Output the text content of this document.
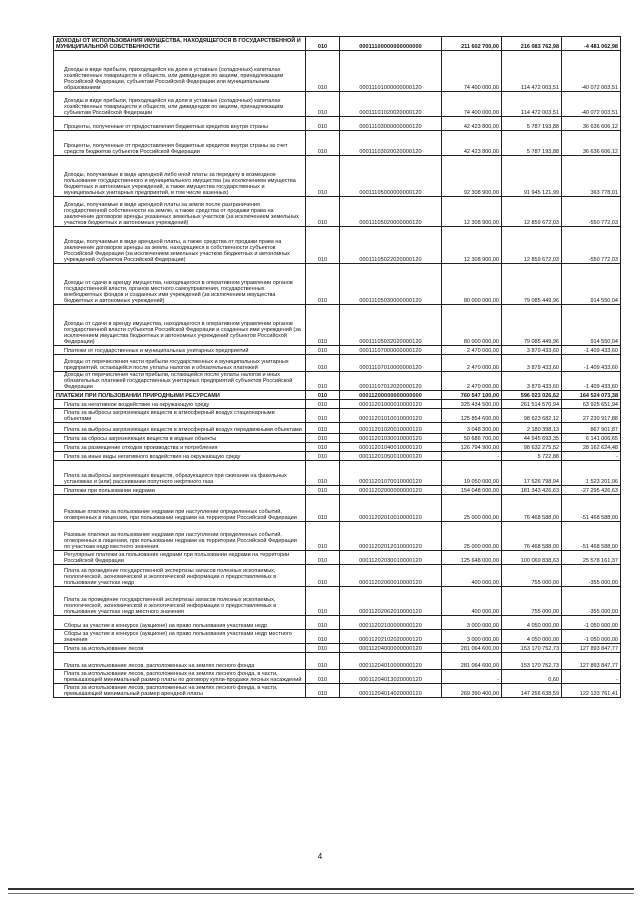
ДОХОДЫ ОТ ИСПОЛЬЗОВАНИЯ ИМУЩЕСТВА, НАХОДЯЩЕГОСЯ В ГОСУДАРСТВЕННОЙ И МУНИЦИПАЛЬНОЙ СОБСТВЕННОСТИ	010	00011100000000000000	211 602 700,00	216 083 762,98	-4 481 062,98
Доходы в виде прибыли, приходящейся на доли в уставных (складочных) капиталах хозяйственных товариществ и обществ, или дивидендов по акциям, принадлежащим Российской Федерации, субъектам Российской Федерации или муниципальным образованиям	010	00011101000000000120	74 400 000,00	114 472 003,51	-40 072 003,51
Доходы в виде прибыли, приходящейся на доли в уставных (складочных) капиталах хозяйственных товариществ и обществ, или дивидендов по акциям, принадлежащим субъектам Российской Федерации	010	00011101020020000120	74 400 000,00	114 472 003,51	-40 072 003,51
Проценты, полученные от предоставления бюджетных кредитов внутри страны	010	00011103000000000120	42 423 800,00	5 787 193,88	36 636 606,12
Проценты, полученные от предоставления бюджетных кредитов внутри страны за счет средств бюджетов субъектов Российской Федерации	010	00011103020020000120	42 423 800,00	5 787 193,88	36 636 606,12
Доходы, получаемые в виде арендной либо иной платы за передачу в возмездное пользование государственного и муниципального имущества (за исключением имущества бюджетных и автономных учреждений, а также имущества государственных и муниципальных унитарных предприятий, в том числе казенных)	010	00011105000000000120	92 308 900,00	91 945 121,99	363 778,01
Доходы, получаемые в виде арендной платы за земли после разграничения государственной собственности на землю, а также средства от продажи права на заключение договоров аренды указанных земельных участков (за исключением земельных участков бюджетных и автономных учреждений)	010	00011105020000000120	12 308 900,00	12 859 672,03	-550 772,03
Доходы, получаемые в виде арендной платы, а также средства от продажи права на заключение договоров аренды за земли, находящиеся в собственности субъектов Российской Федерации (за исключением земельных участков бюджетных и автономных учреждений субъектов Российской Федерации)	010	00011105022020000120	12 308 900,00	12 859 672,03	-550 772,03
Доходы от сдачи в аренду имущества, находящегося в оперативном управлении органов государственной власти, органов местного самоуправления, государственных внебюджетных фондов и созданных ими учреждений (за исключением имущества бюджетных и автономных учреждений)	010	00011105030000000120	80 000 000,00	79 085 449,96	914 550,04
Доходы от сдачи в аренду имущества, находящегося в оперативном управлении органов государственной власти субъектов Российской Федерации и созданных ими учреждений (за исключением имущества бюджетных и автономных учреждений субъектов Российской Федерации)	010	00011105032020000120	80 000 000,00	79 085 449,96	914 550,04
Платежи от государственных и муниципальных унитарных предприятий	010	00011107000000000120	2 470 000,00	3 879 433,60	-1 409 433,60
Доходы от перечисления части прибыли государственных и муниципальных унитарных предприятий, остающейся после уплаты налогов и обязательных платежей	010	00011107010000000120	2 470 000,00	3 879 433,60	-1 409 433,60
Доходы от перечисления части прибыли, остающейся после уплаты налогов и иных обязательных платежей государственных унитарных предприятий субъектов Российской Федерации	010	00011107012020000120	2 470 000,00	3 879 433,60	-1 409 433,60
ПЛАТЕЖИ ПРИ ПОЛЬЗОВАНИИ ПРИРОДНЫМИ РЕСУРСАМИ	010	00011200000000000000	760 547 100,00	596 023 026,62	164 524 073,38
Плата за негативное воздействие на окружающую среду	010	00011201000010000120	325 434 500,00	261 514 570,94	63 925 651,94
Плата за выбросы загрязняющих веществ в атмосферный воздух стационарными объектами	010	00011201010010000120	125 854 600,00	98 623 682,12	27 230 917,88
Плата за выбросы загрязняющих веществ в атмосферный воздух передвижными объектами	010	00011201020010000120	3 048 300,00	2 180 398,13	867 901,87
Плата за сбросы загрязняющих веществ в водные объекты	010	00011201030010000120	50 686 700,00	44 545 693,35	6 141 006,65
Плата за размещение отходов производства и потребления	010	00011201040010000120	126 794 900,00	98 632 275,52	28 162 624,48
Плата за иные виды негативного воздействия на окружающую среду	010	00011201050010000120	-	5 722,88	-
Плата за выбросы загрязняющих веществ, образующихся при сжигании на факельных установках и (или) рассеивании попутного нефтяного газа	010	00011201070010000120	19 050 000,00	17 526 798,94	1 523 201,06
Платежи при пользовании недрами	010	00011202000000000120	154 048 000,00	181 343 426,63	-27 295 426,63
Разовые платежи за пользование недрами при наступлении определенных событий, оговоренных в лицензии, при пользовании недрами на территории Российской Федерации	010	00011202010010000120	25 000 000,00	76 468 588,00	-51 468 588,00
Разовые платежи за пользование недрами при наступлении определенных событий, оговоренных в лицензии, при пользовании недрами на территории Российской Федерации по участкам недр местного значения	010	00011202012010000120	25 000 000,00	76 468 588,00	-51 468 588,00
Регулярные платежи за пользование недрами при пользовании недрами на территории Российской Федерации	010	00011202030010000120	125 648 000,00	100 069 838,63	25 578 161,37
Плата за проведение государственной экспертизы запасов полезных ископаемых, геологической, экономической и экологической информации о предоставляемых в пользование участках недр	010	00011202060010000120	400 000,00	755 000,00	-355 000,00
Плата за проведение государственной экспертизы запасов полезных ископаемых, геологической, экономической и экологической информации о предоставляемых в пользование участках недр местного значения	010	00011202062010000120	400 000,00	755 000,00	-355 000,00
Сборы за участие в конкурсе (аукционе) на право пользования участками недр	010	00011202100000000120	3 000 000,00	4 050 000,00	-1 050 000,00
Сборы за участие в конкурсе (аукционе) на право пользования участками недр местного значения	010	00011202102020000120	3 000 000,00	4 050 000,00	-1 050 000,00
Плата за использование лесов	010	00011204000000000120	281 064 600,00	153 170 752,73	127 893 847,77
Плата за использование лесов, расположенных на землях лесного фонда	010	00011204010000000120	281 064 600,00	153 170 752,73	127 893 847,77
Плата за использование лесов, расположенных на землях лесного фонда, в части, превышающей минимальный размер платы по договору купли-продажи лесных насаждений	010	00011204013020000120	-	0,60	-
Плата за использование лесов, расположенных на землях лесного фонда, в части, превышающей минимальный размер арендной платы	010	00011204014020000120	269 390 400,00	147 256 638,59	122 133 761,41
4
